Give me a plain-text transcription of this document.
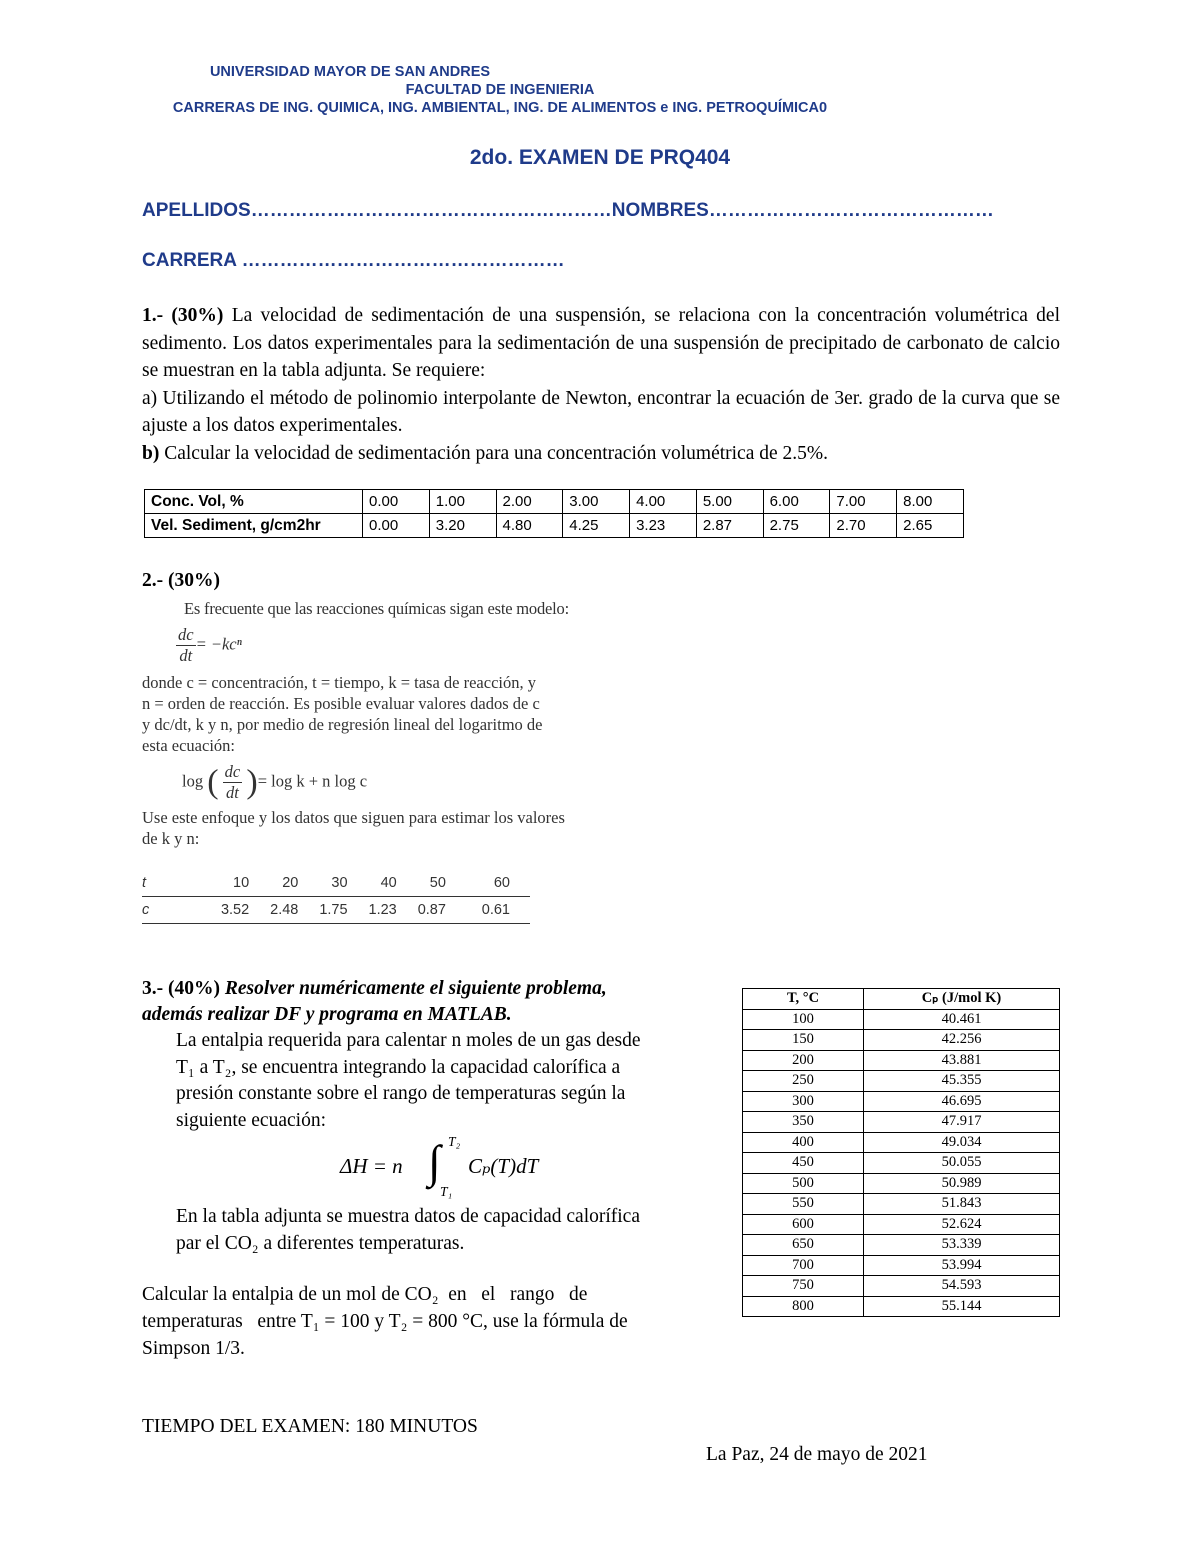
UNIVERSIDAD MAYOR DE SAN ANDRES
FACULTAD DE INGENIERIA
CARRERAS DE ING. QUIMICA, ING. AMBIENTAL, ING. DE ALIMENTOS e ING. PETROQUÍMICA0
2do. EXAMEN DE PRQ404
APELLIDOS…………………………………………………NOMBRES………………………………………
CARRERA ……………………………………………
1.- (30%) La velocidad de sedimentación de una suspensión, se relaciona con la concentración volumétrica del sedimento. Los datos experimentales para la sedimentación de una suspensión de precipitado de carbonato de calcio se muestran en la tabla adjunta. Se requiere:
a) Utilizando el método de polinomio interpolante de Newton, encontrar la ecuación de 3er. grado de la curva que se ajuste a los datos experimentales.
b) Calcular la velocidad de sedimentación para una concentración volumétrica de 2.5%.
Conc. Vol, %	0.00	1.00	2.00	3.00	4.00	5.00	6.00	7.00	8.00
Vel. Sediment, g/cm2hr	0.00	3.20	4.80	4.25	3.23	2.87	2.75	2.70	2.65
2.- (30%)
Es frecuente que las reacciones químicas sigan este modelo:
$\frac{dc}{dt} = -kc^n$
donde c = concentración, t = tiempo, k = tasa de reacción, y
n = orden de reacción. Es posible evaluar valores dados de c
y dc/dt, k y n, por medio de regresión lineal del logaritmo de
esta ecuación:
log ( $\frac{dc}{dt}$ )= log k + n log c
Use este enfoque y los datos que siguen para estimar los valores
de k y n:
t	10	20	30	40	50	60
c	3.52	2.48	1.75	1.23	0.87	0.61
3.- (40%) Resolver numéricamente el siguiente problema,
además realizar DF y programa en MATLAB.
La entalpia requerida para calentar n moles de un gas desde
T₁ a T₂, se encuentra integrando la capacidad calorífica a
presión constante sobre el rango de temperaturas según la
siguiente ecuación:
ΔH = n ∫ T₂
T₁
Cₚ(T)dT
En la tabla adjunta se muestra datos de capacidad calorífica
par el CO₂ a diferentes temperaturas.
Calcular la entalpia de un mol de CO₂  en   el   rango   de
temperaturas   entre T₁ = 100 y T₂ = 800 °C, use la fórmula de
Simpson 1/3.
T, °C	Cₚ (J/mol K)
100	40.461
150	42.256
200	43.881
250	45.355
300	46.695
350	47.917
400	49.034
450	50.055
500	50.989
550	51.843
600	52.624
650	53.339
700	53.994
750	54.593
800	55.144
TIEMPO DEL EXAMEN: 180 MINUTOS
La Paz, 24 de mayo de 2021
